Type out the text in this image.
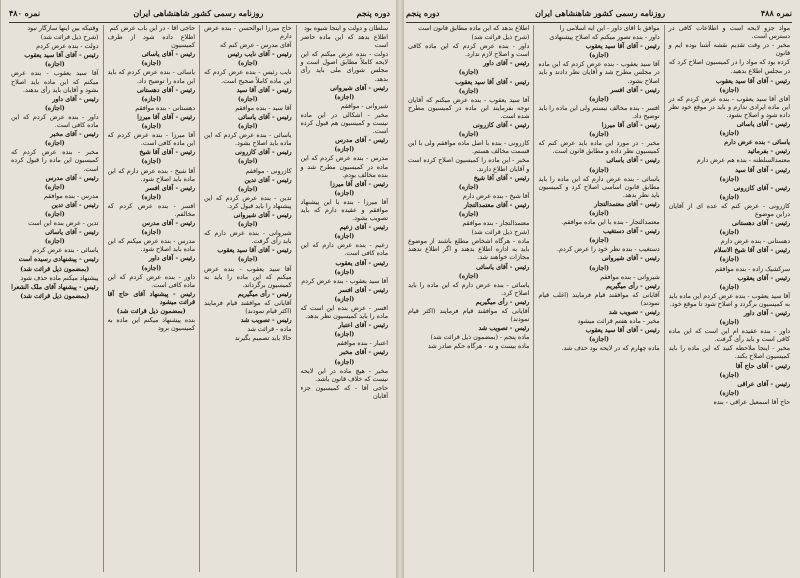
دوره پنجم
روزنامه رسمی کشور شاهنشاهی ایران
نمره ۴۸۰

سلطان و دولت و اینجا شیوه بود

اطلاع بدهد که این ماده حاضر است

دولت - بنده عرض میکنم که این لایحه کاملاً مطابق اصول است و مجلس شورای ملی باید رأی بدهد.

رئیس - آقای شیروانی

(اجازه)

شیروانی - موافقم

مخبر - اشکالی در این ماده نیست و کمیسیون هم قبول کرده است.

رئیس - آقای مدرس

(اجازه)

مدرس - بنده عرض کردم که این ماده در کمیسیون مطرح شد و بنده مخالف بودم.

رئیس - آقای آقا میرزا

(اجازه)

آقا میرزا - بنده با این پیشنهاد موافقم و عقیده دارم که باید تصویب بشود.

رئیس - آقای زعیم

(اجازه)

زعیم - بنده عرض دارم که این ماده کافی است.

رئیس - آقای یعقوب

(اجازه)

آقا سید یعقوب - بنده عرض کردم

رئیس - آقای افسر

(اجازه)

افسر - عرض بنده این است که ماده را باید کمیسیون نظر بدهد.

رئیس - آقای اعتبار

(اجازه)

اعتبار - بنده موافقم

رئیس - آقای مخبر

(اجازه)

مخبر - هیچ ماده در این لایحه نیست که خلاف قانون باشد.

حاجی آقا - که کمیسیون جزء آقایان

حاج میرزا ابوالحسن - بنده عرض دارم

آقای مدرس - عرض کنم که

رئیس - آقای نایب رئیس

(اجازه)

نایب رئیس - بنده عرض کردم که این ماده کاملاً صحیح است.

رئیس - آقای آقا سید

(اجازه)

آقا سید - بنده موافقم

رئیس - آقای یاسائی

(اجازه)

یاسائی - بنده عرض کردم که این ماده باید اصلاح بشود.

رئیس - آقای کازرونی

(اجازه)

کازرونی - موافقم

رئیس - آقای تدین

(اجازه)

تدین - بنده عرض کردم که این پیشنهاد را باید قبول کرد.

رئیس - آقای شیروانی

(اجازه)

شیروانی - بنده عرض دارم که باید رأی گرفت.

رئیس - آقای آقا سید یعقوب

(اجازه)

آقا سید یعقوب - بنده عرض میکنم که این ماده را باید به کمیسیون برگرداند.

رئیس - رأی میگیریم

آقایانی که موافقند قیام فرمایند (اکثر قیام نمودند)

رئیس - تصویب شد

ماده - قرائت شد

حالا باید تصمیم بگیرند

حاجی آقا - در این باب عرض کنم

اطلاع داده شود از طرف کمیسیون

رئیس - آقای یاسائی

(اجازه)

یاسائی - بنده عرض کردم که باید این ماده را توضیح داد.

رئیس - آقای دهستانی

(اجازه)

دهستانی - بنده موافقم

رئیس - آقای آقا میرزا

(اجازه)

آقا میرزا - بنده عرض کردم که این ماده کافی است.

رئیس - آقای آقا شیخ

(اجازه)

آقا شیخ - بنده عرض دارم که این ماده باید اصلاح شود.

رئیس - آقای افسر

(اجازه)

افسر - بنده عرض کردم که مخالفم.

رئیس - آقای مدرس

(اجازه)

مدرس - بنده عرض میکنم که این ماده باید اصلاح شود.

رئیس - آقای داور

(اجازه)

داور - بنده عرض کردم که این ماده کافی است.

رئیس - پیشنهاد آقای حاج آقا قرائت میشود

(بمضمون ذیل قرائت شد)

بنده پیشنهاد میکنم این ماده به کمیسیون برود

وقتیکه بین اینها سازگار نبود

(شرح ذیل قرائت شد)

دولت - بنده عرض کردم

رئیس - آقای آقا سید یعقوب

(اجازه)

آقا سید یعقوب - بنده عرض میکنم که این ماده باید اصلاح بشود و آقایان باید رأی بدهند.

رئیس - آقای داور

(اجازه)

داور - بنده عرض کردم که این ماده کافی است.

رئیس - آقای مخبر

(اجازه)

مخبر - بنده عرض کردم که کمیسیون این ماده را قبول کرده است.

رئیس - آقای مدرس

(اجازه)

مدرس - بنده موافقم

رئیس - آقای تدین

(اجازه)

تدین - عرض بنده این است

رئیس - آقای یاسائی

(اجازه)

یاسائی - بنده عرض کردم

رئیس - پیشنهادی رسیده است

(بمضمون ذیل قرائت شد)

پیشنهاد میکنم ماده حذف شود

رئیس - پیشنهاد آقای ملک الشعرا

(بمضمون ذیل قرائت شد)

نمره ۴۸۸
روزنامه رسمی کشور شاهنشاهی ایران
دوره پنجم

مواد جزو لایحه است و اطلاعات کافی در دسترس است.

مخبر - در وقت تقدیم نقشه آشنا بوده ایم و قانون

کرده بود که مواد را در کمیسیون اصلاح کرد که

در مجلس اطلاع بدهید.

رئیس - آقای آقا سید یعقوب

(اجازه)

آقای آقا سید یعقوب - بنده عرض کردم که در این ماده ایرادی ندارم و باید در موقع خود نظر داده شود و اصلاح بشود.

رئیس - آقای یاسائی

(اجازه)

یاسائی - بنده عرض دارم

رئیس - بفرمائید

معتمدالسلطنه - بنده هم عرض دارم

رئیس - آقای آقا سید

(اجازه)

رئیس - آقای کازرونی

(اجازه)

کازرونی - عرض کنم که عده ای از آقایان دراین موضوع

رئیس - آقای دهستانی

(اجازه)

دهستانی - بنده عرض دارم

رئیس - آقای آقا شیخ الاسلام

(اجازه)

سرکشیک زاده - بنده موافقم

رئیس - آقای یعقوب

(اجازه)

آقا سید یعقوب - بنده عرض کردم این ماده باید به کمیسیون برگردد و اصلاح شود تا موقع خود.

رئیس - آقای داور

(اجازه)

داور - بنده عقیده ام این است که این ماده کافی است و باید رأی گرفت.

مخبر - اینجا ملاحظه کنید که این ماده را باید کمیسیون اصلاح بکند.

رئیس - آقای حاج آقا

(اجازه)

رئیس - آقای عراقی

(اجازه)

حاج آقا اسمعیل عراقی - بنده

موافق با آقای داور - این آیه اسلامی را

داور - بنده تصور میکنم که اصلاح پیشنهادی

رئیس - آقای آقا سید یعقوب

(اجازه)

آقا سید یعقوب - بنده عرض کردم که این ماده در مجلس مطرح شد و آقایان نظر دادند و باید اصلاح بشود.

رئیس - آقای افسر

(اجازه)

افسر - بنده مخالف نیستم ولی این ماده را باید توضیح داد.

رئیس - آقای آقا میرزا

(اجازه)

مخبر - در مورد این ماده باید عرض کنم که کمیسیون نظر داده و مطابق قانون است.

رئیس - آقای یاسائی

(اجازه)

یاسائی - بنده عرض دارم که این ماده را باید مطابق قانون اساسی اصلاح کرد و کمیسیون باید نظر بدهد.

رئیس - آقای معتمدالتجار

(اجازه)

معتمدالتجار - بنده با این ماده موافقم.

رئیس - آقای دستغیب

(اجازه)

دستغیب - بنده نظر خود را عرض کردم.

رئیس - آقای شیروانی

(اجازه)

شیروانی - بنده موافقم

رئیس - رأی میگیریم

آقایانی که موافقند قیام فرمایند (اغلب قیام نمودند)

رئیس - تصویب شد

مخبر - ماده هفتم قرائت میشود

رئیس - آقای آقا سید یعقوب

(اجازه)

ماده چهارم که در لایحه بود حذف شد.

اطلاع بدهد که این ماده مطابق قانون است

(شرح ذیل قرائت شد)

داور - بنده عرض کردم که این ماده کافی است و اصلاح لازم ندارد.

رئیس - آقای داور

(اجازه)

رئیس - آقای آقا سید یعقوب

(اجازه)

آقا سید یعقوب - بنده عرض میکنم که آقایان توجه بفرمایند این ماده در کمیسیون مطرح شده است.

رئیس - آقای کازرونی

(اجازه)

کازرونی - بنده با اصل ماده موافقم ولی با این قسمت مخالف هستم.

مخبر - این ماده را کمیسیون اصلاح کرده است و آقایان اطلاع دارند.

رئیس - آقای آقا شیخ

(اجازه)

آقا شیخ - بنده عرض دارم

رئیس - آقای معتمدالتجار

(اجازه)

معتمدالتجار - بنده موافقم

(شرح ذیل قرائت شد)

ماده - هرگاه اشخاص مطلع باشند از موضوع باید به اداره اطلاع بدهند و اگر اطلاع ندهند مجازات خواهند شد.

رئیس - آقای یاسائی

(اجازه)

یاسائی - بنده عرض دارم که این ماده را باید اصلاح کرد.

رئیس - رأی میگیریم

آقایانی که موافقند قیام فرمایند (اکثر قیام نمودند)

رئیس - تصویب شد

ماده پنجم - (بمضمون ذیل قرائت شد)

ماده بیست و نه - هرگاه حکم صادر شد
